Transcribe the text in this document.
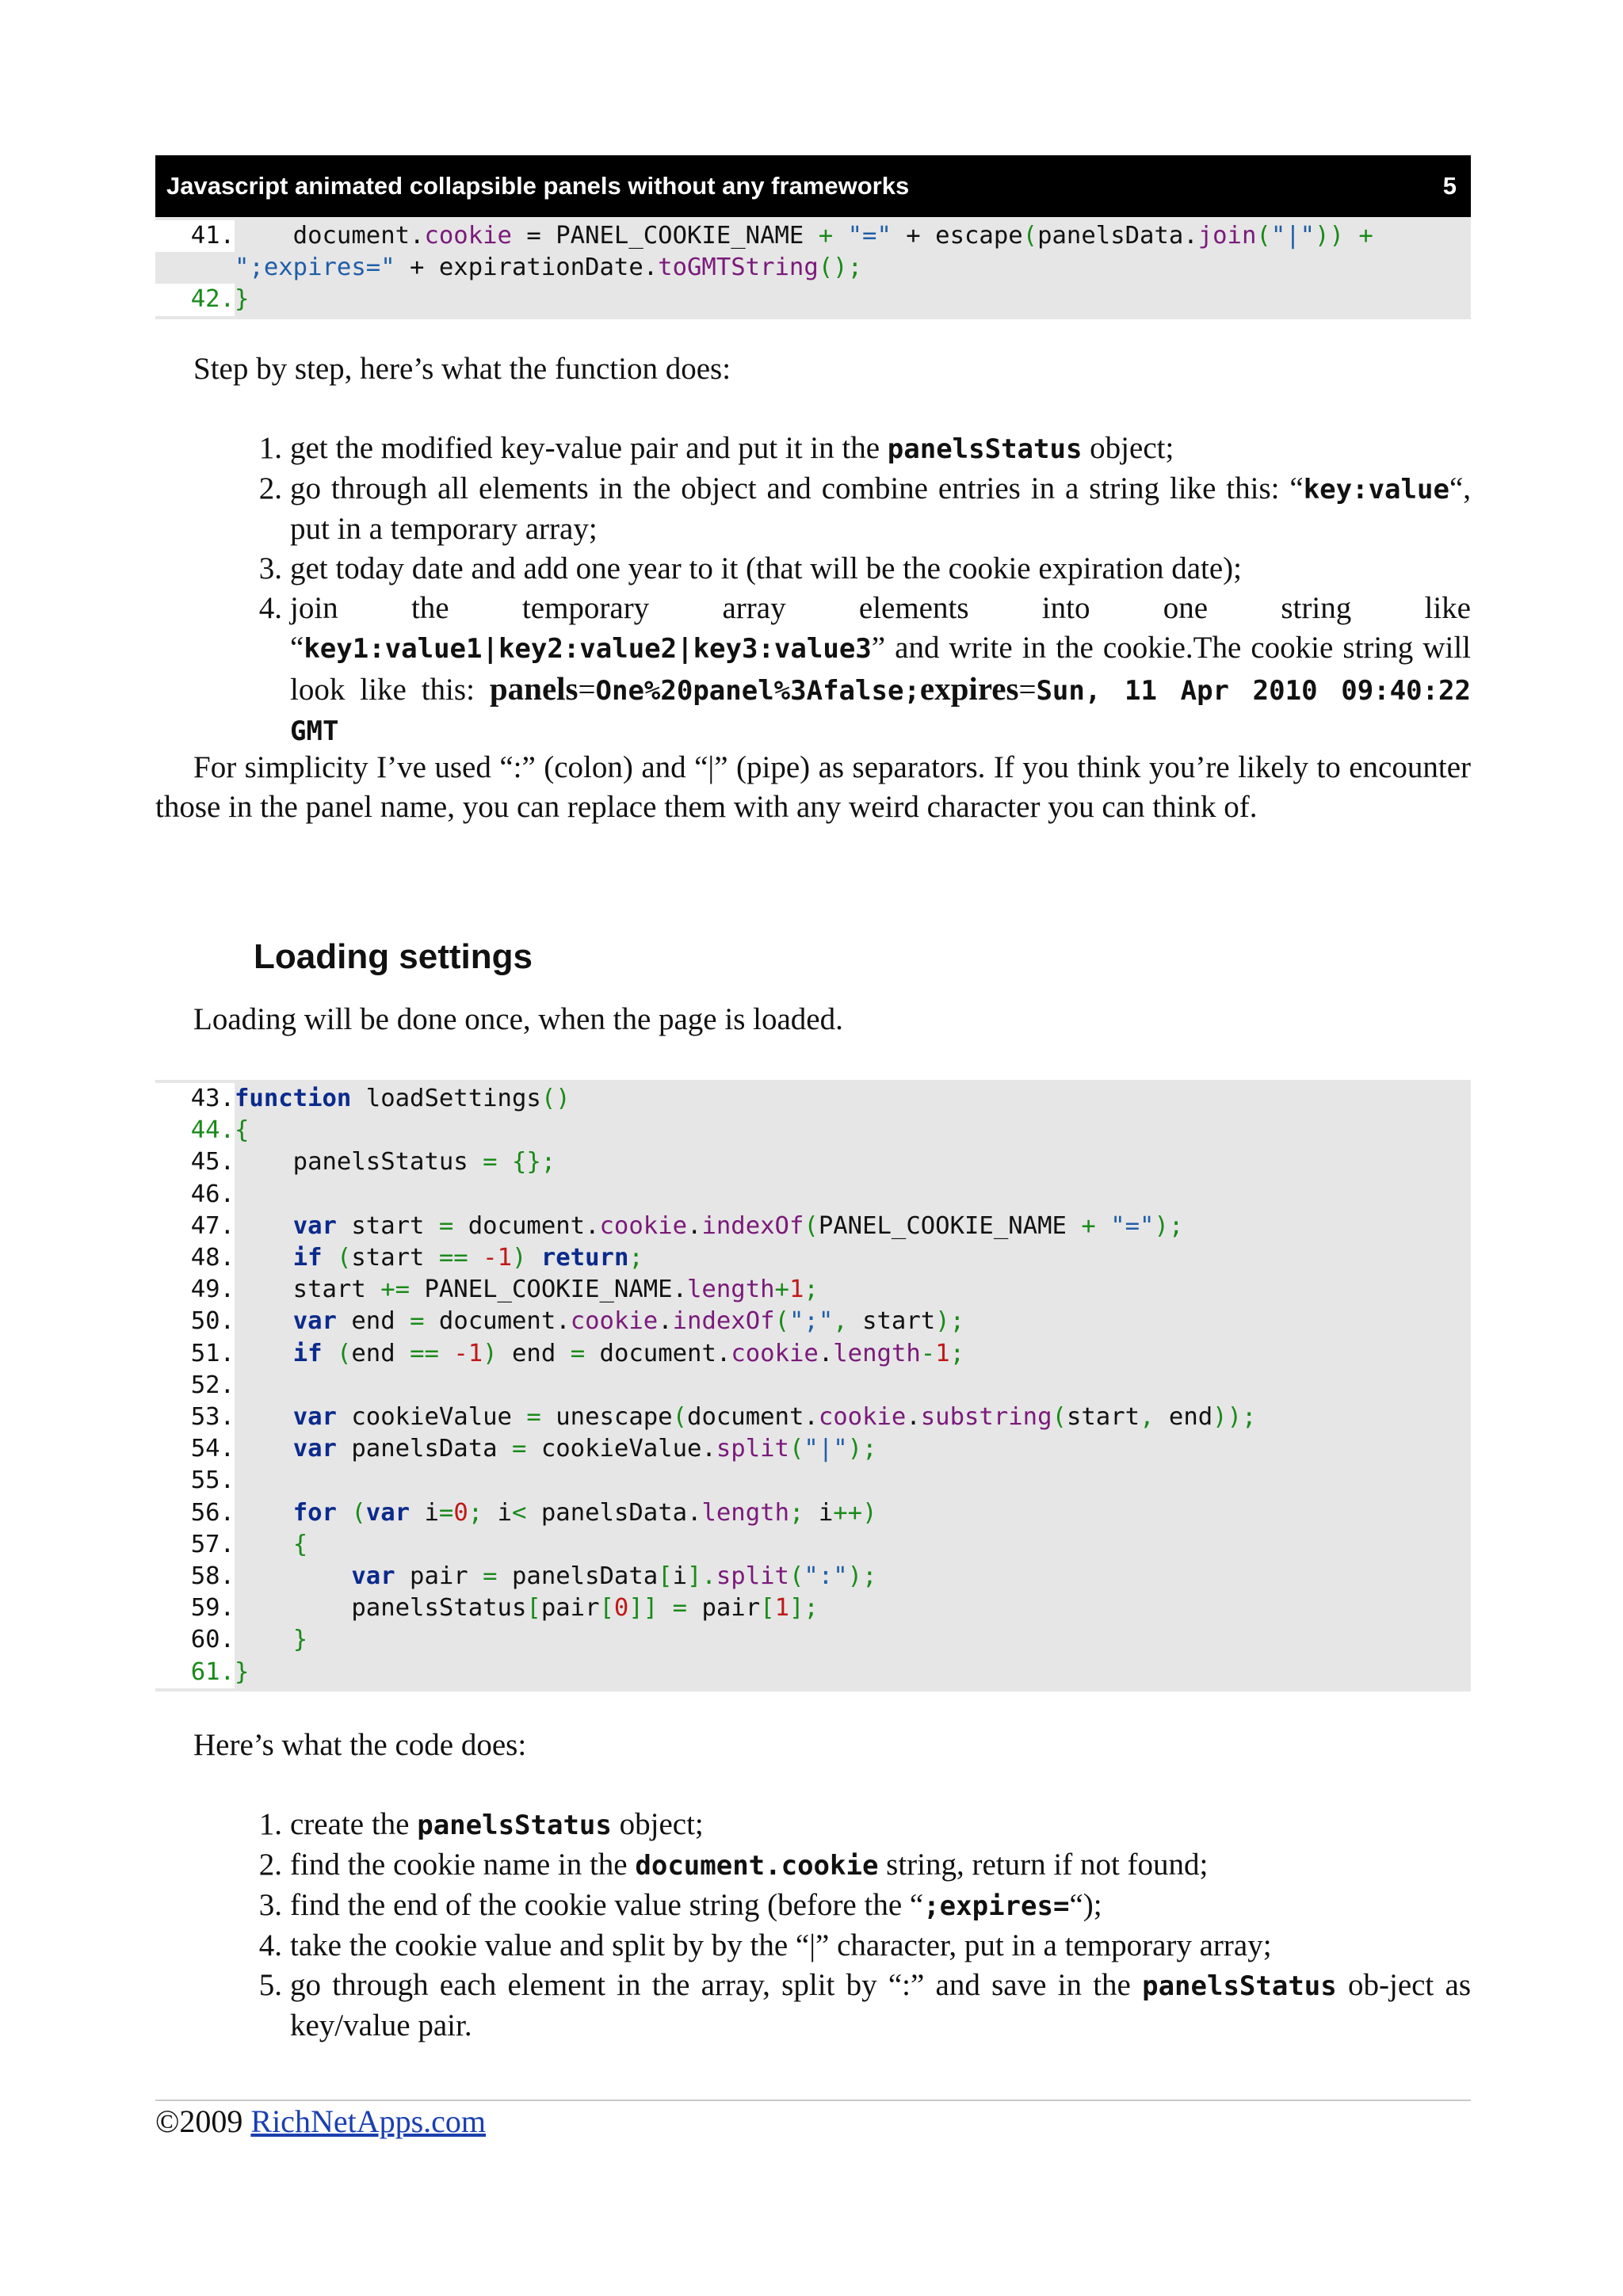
Javascript animated collapsible panels without any frameworks	5
41. document.cookie = PANEL_COOKIE_NAME + "=" + escape(panelsData.join("|")) +
";expires=" + expirationDate.toGMTString();
42. }

Step by step, here’s what the function does:

1. get the modified key-value pair and put it in the panelsStatus object;
2. go through all elements in the object and combine entries in a string like this: “key:value“, put in a temporary array;
3. get today date and add one year to it (that will be the cookie expiration date);
4. join the temporary array elements into one string like “key1:value1|key2:value2|key3:value3” and write in the cookie.The cookie string will look like this: panels=One%20panel%3Afalse;expires=Sun, 11 Apr 2010 09:40:22 GMT

For simplicity I’ve used “:” (colon) and “|” (pipe) as separators. If you think you’re likely to encounter those in the panel name, you can replace them with any weird character you can think of.

Loading settings

Loading will be done once, when the page is loaded.

43. function loadSettings()
44. {
45. panelsStatus = {};
46.

47. var start = document.cookie.indexOf(PANEL_COOKIE_NAME + "=");
48. if (start == -1) return;
49. start += PANEL_COOKIE_NAME.length+1;
50. var end = document.cookie.indexOf(";", start);
51. if (end == -1) end = document.cookie.length-1;
52.

53. var cookieValue = unescape(document.cookie.substring(start, end));
54. var panelsData = cookieValue.split("|");
55.

56. for (var i=0; i< panelsData.length; i++)
57. {
58.	var pair = panelsData[i].split(":");
59. panelsStatus[pair[0]] = pair[1];
60. }
61. }

Here’s what the code does:

1. create the panelsStatus object;
2. find the cookie name in the document.cookie string, return if not found;
3. find the end of the cookie value string (before the “;expires=“);
4. take the cookie value and split by by the “|” character, put in a temporary array;
5. go through each element in the array, split by “:” and save in the panelsStatus ob-ject as key/value pair.
©2009 RichNetApps.com
